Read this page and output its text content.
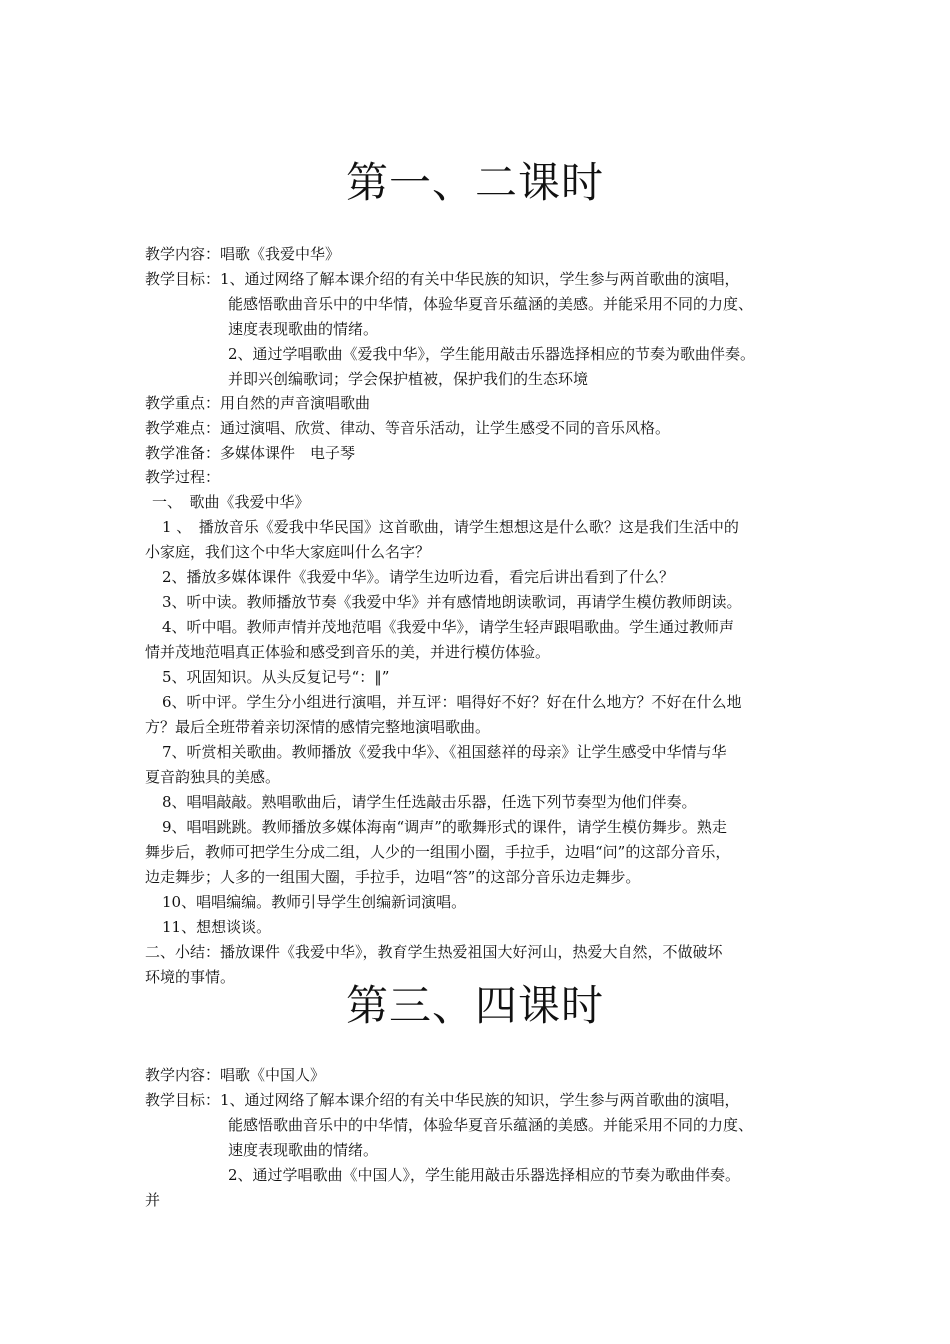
第一、二课时
教学内容：唱歌《我爱中华》
教学目标：1、通过网络了解本课介绍的有关中华民族的知识，学生参与两首歌曲的演唱，
能感悟歌曲音乐中的中华情，体验华夏音乐蕴涵的美感。并能采用不同的力度、
速度表现歌曲的情绪。
2、通过学唱歌曲《爱我中华》，学生能用敲击乐器选择相应的节奏为歌曲伴奏。
并即兴创编歌词；学会保护植被，保护我们的生态环境
教学重点：用自然的声音演唱歌曲
教学难点：通过演唱、欣赏、律动、等音乐活动，让学生感受不同的音乐风格。
教学准备：多媒体课件　电子琴
教学过程：
一、　歌曲《我爱中华》
1 、　播放音乐《爱我中华民国》这首歌曲，请学生想想这是什么歌？这是我们生活中的
小家庭，我们这个中华大家庭叫什么名字？
2、播放多媒体课件《我爱中华》。请学生边听边看，看完后讲出看到了什么？
3、听中读。教师播放节奏《我爱中华》并有感情地朗读歌词，再请学生模仿教师朗读。
4、听中唱。教师声情并茂地范唱《我爱中华》，请学生轻声跟唱歌曲。学生通过教师声
情并茂地范唱真正体验和感受到音乐的美，并进行模仿体验。
5、巩固知识。从头反复记号“：‖”
6、听中评。学生分小组进行演唱，并互评：唱得好不好？好在什么地方？不好在什么地
方？最后全班带着亲切深情的感情完整地演唱歌曲。
7、听赏相关歌曲。教师播放《爱我中华》、《祖国慈祥的母亲》让学生感受中华情与华
夏音韵独具的美感。
8、唱唱敲敲。熟唱歌曲后，请学生任选敲击乐器，任选下列节奏型为他们伴奏。
9、唱唱跳跳。教师播放多媒体海南“调声”的歌舞形式的课件，请学生模仿舞步。熟走
舞步后，教师可把学生分成二组，人少的一组围小圈，手拉手，边唱“问”的这部分音乐，
边走舞步；人多的一组围大圈，手拉手，边唱“答”的这部分音乐边走舞步。
10、唱唱编编。教师引导学生创编新词演唱。
11、想想谈谈。
二、小结：播放课件《我爱中华》，教育学生热爱祖国大好河山，热爱大自然，不做破坏
环境的事情。
第三、四课时
教学内容：唱歌《中国人》
教学目标：1、通过网络了解本课介绍的有关中华民族的知识，学生参与两首歌曲的演唱，
能感悟歌曲音乐中的中华情，体验华夏音乐蕴涵的美感。并能采用不同的力度、
速度表现歌曲的情绪。
2、通过学唱歌曲《中国人》，学生能用敲击乐器选择相应的节奏为歌曲伴奏。
并
